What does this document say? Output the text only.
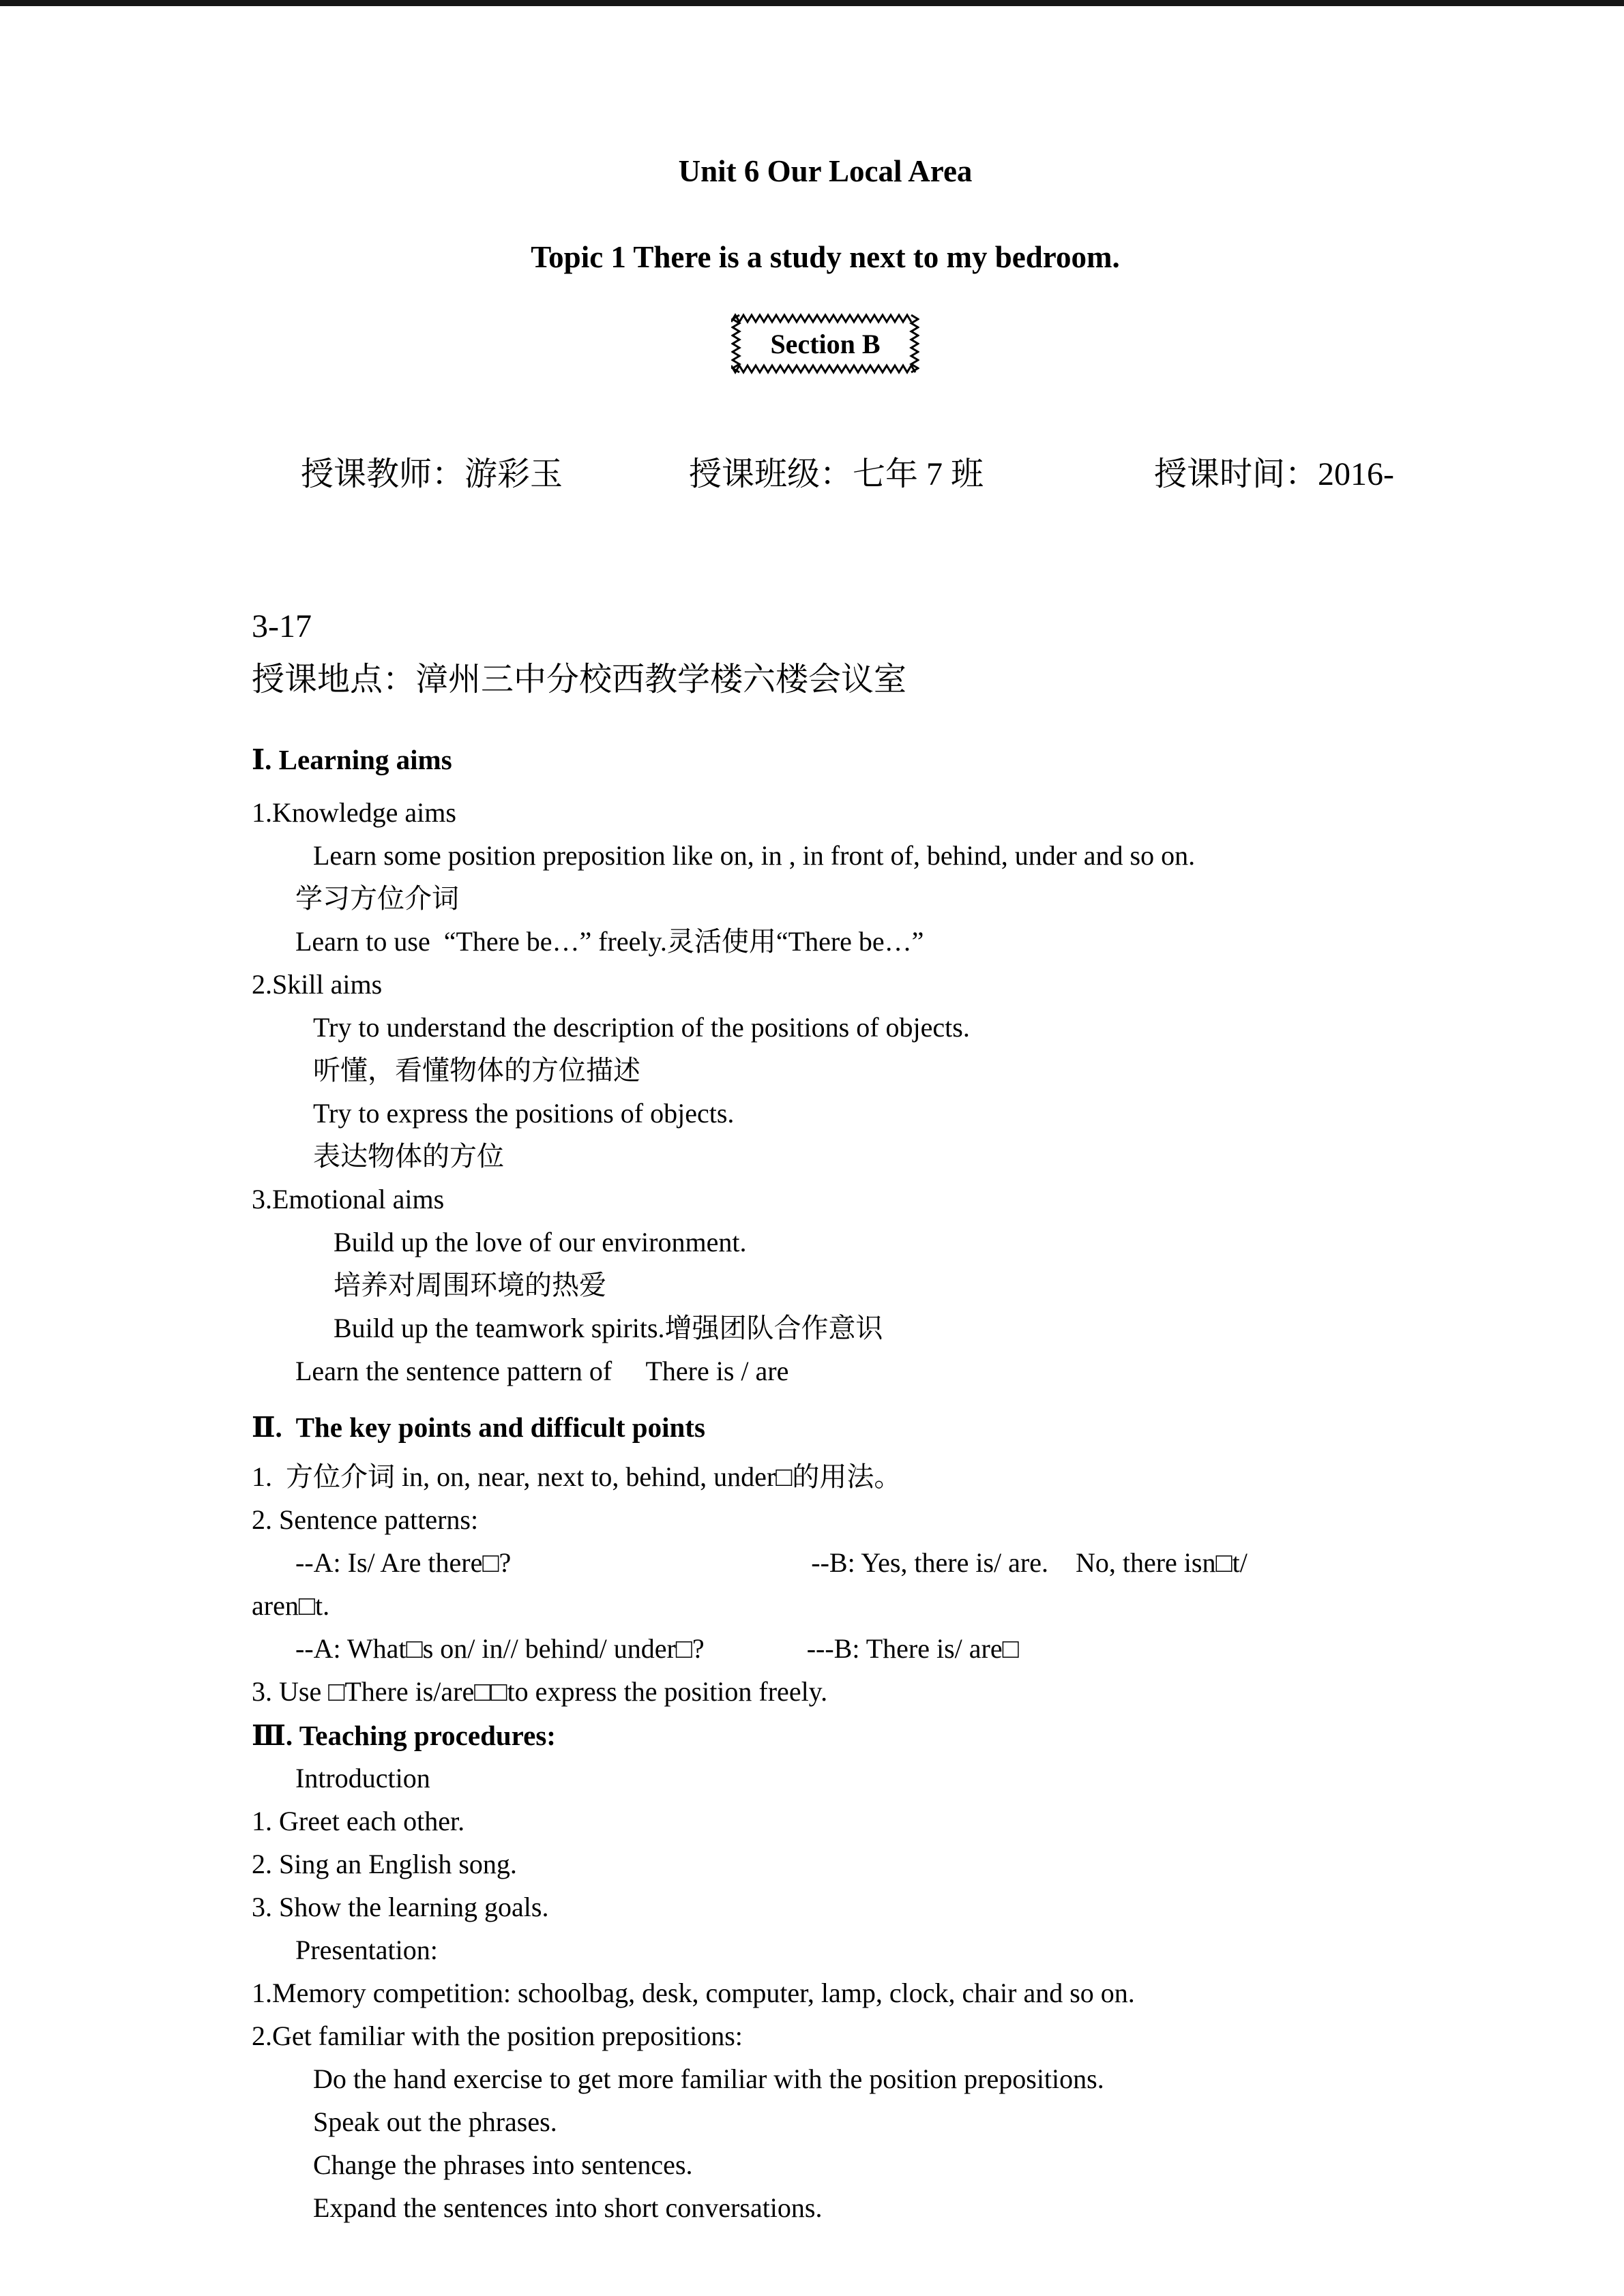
Unit 6 Our Local Area
Topic 1 There is a study next to my bedroom.
Section B

授课教师：游彩玉	授课班级：七年 7 班	授课时间：2016-

3-17
授课地点：漳州三中分校西教学楼六楼会议室
Ⅰ. Learning aims
1.Knowledge aims
Learn some position preposition like on, in , in front of, behind, under and so on.
学习方位介词
Learn to use  “There be…” freely.灵活使用“There be…”
2.Skill aims
Try to understand the description of the positions of objects.
听懂，看懂物体的方位描述
Try to express the positions of objects.
表达物体的方位
3.Emotional aims
Build up the love of our environment.
培养对周围环境的热爱
Build up the teamwork spirits.增强团队合作意识
Learn the sentence pattern of     There is / are
Ⅱ.  The key points and difficult points
1.  方位介词 in, on, near, next to, behind, under□的用法。
2. Sentence patterns:
--A: Is/ Are there□?                                            --B: Yes, there is/ are.    No, there isn□t/
aren□t.
--A: What□s on/ in// behind/ under□?               ---B: There is/ are□
3. Use □There is/are□□to express the position freely.
Ⅲ. Teaching procedures:
Introduction
1. Greet each other.
2. Sing an English song.
3. Show the learning goals.
Presentation:
1.Memory competition: schoolbag, desk, computer, lamp, clock, chair and so on.
2.Get familiar with the position prepositions:
Do the hand exercise to get more familiar with the position prepositions.
Speak out the phrases.
Change the phrases into sentences.
Expand the sentences into short conversations.
